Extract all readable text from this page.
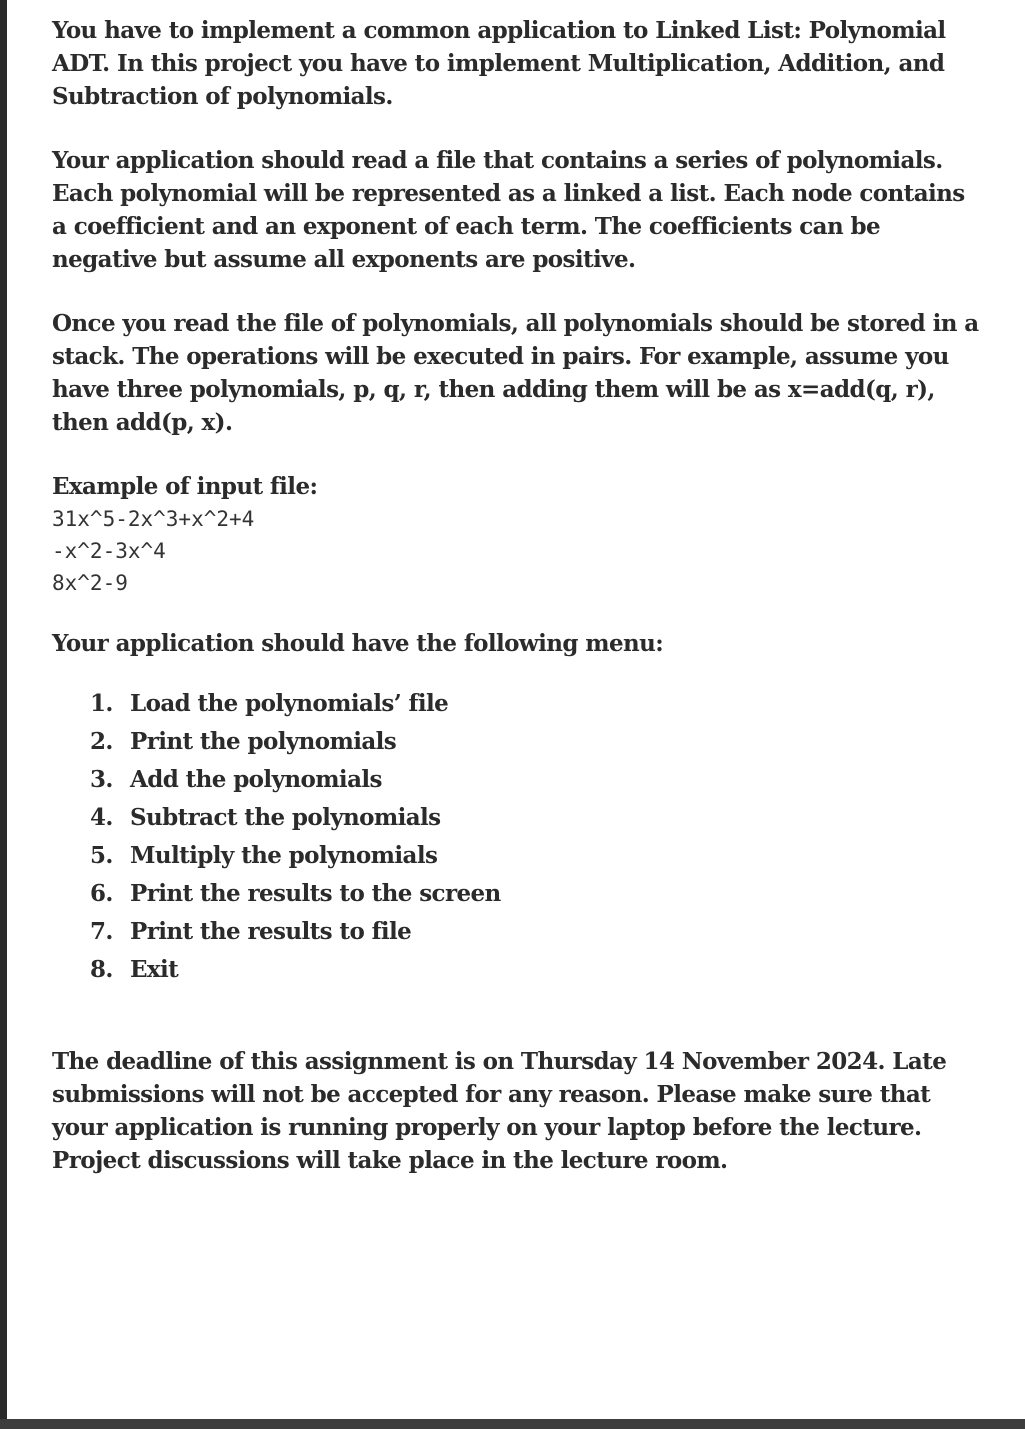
You have to implement a common application to Linked List: Polynomial
ADT. In this project you have to implement Multiplication, Addition, and
Subtraction of polynomials.

Your application should read a file that contains a series of polynomials.
Each polynomial will be represented as a linked a list. Each node contains
a coefficient and an exponent of each term. The coefficients can be
negative but assume all exponents are positive.

Once you read the file of polynomials, all polynomials should be stored in a
stack. The operations will be executed in pairs. For example, assume you
have three polynomials, p, q, r, then adding them will be as x=add(q, r),
then add(p, x).

Example of input file:

31x^5-2x^3+x^2+4
-x^2-3x^4
8x^2-9

Your application should have the following menu:

1. Load the polynomials’ file
2. Print the polynomials
3. Add the polynomials
4. Subtract the polynomials
5. Multiply the polynomials
6. Print the results to the screen
7. Print the results to file
8. Exit

The deadline of this assignment is on Thursday 14 November 2024. Late
submissions will not be accepted for any reason. Please make sure that
your application is running properly on your laptop before the lecture.
Project discussions will take place in the lecture room.
